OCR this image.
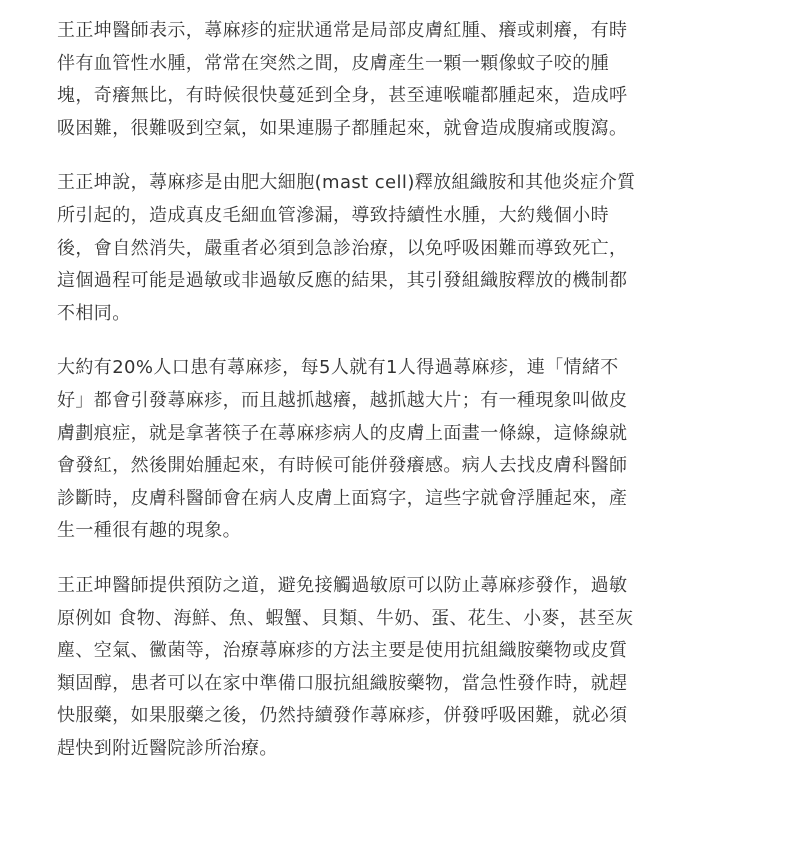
王正坤醫師表示，蕁麻疹的症狀通常是局部皮膚紅腫、癢或刺癢，有時
伴有血管性水腫，常常在突然之間，皮膚產生一顆一顆像蚊子咬的腫
塊，奇癢無比，有時候很快蔓延到全身，甚至連喉嚨都腫起來，造成呼
吸困難，很難吸到空氣，如果連腸子都腫起來，就會造成腹痛或腹瀉。

王正坤說，蕁麻疹是由肥大細胞(mast cell)釋放組織胺和其他炎症介質
所引起的，造成真皮毛細血管滲漏，導致持續性水腫，大約幾個小時
後，會自然消失，嚴重者必須到急診治療，以免呼吸困難而導致死亡，
這個過程可能是過敏或非過敏反應的結果，其引發組織胺釋放的機制都
不相同。

大約有20%人口患有蕁麻疹，每5人就有1人得過蕁麻疹，連「情緒不
好」都會引發蕁麻疹，而且越抓越癢，越抓越大片；有一種現象叫做皮
膚劃痕症，就是拿著筷子在蕁麻疹病人的皮膚上面畫一條線，這條線就
會發紅，然後開始腫起來，有時候可能併發癢感。病人去找皮膚科醫師
診斷時，皮膚科醫師會在病人皮膚上面寫字，這些字就會浮腫起來，產
生一種很有趣的現象。

王正坤醫師提供預防之道，避免接觸過敏原可以防止蕁麻疹發作，過敏
原例如 食物、海鮮、魚、蝦蟹、貝類、牛奶、蛋、花生、小麥，甚至灰
塵、空氣、黴菌等，治療蕁麻疹的方法主要是使用抗組織胺藥物或皮質
類固醇，患者可以在家中準備口服抗組織胺藥物，當急性發作時，就趕
快服藥，如果服藥之後，仍然持續發作蕁麻疹，併發呼吸困難，就必須
趕快到附近醫院診所治療。
